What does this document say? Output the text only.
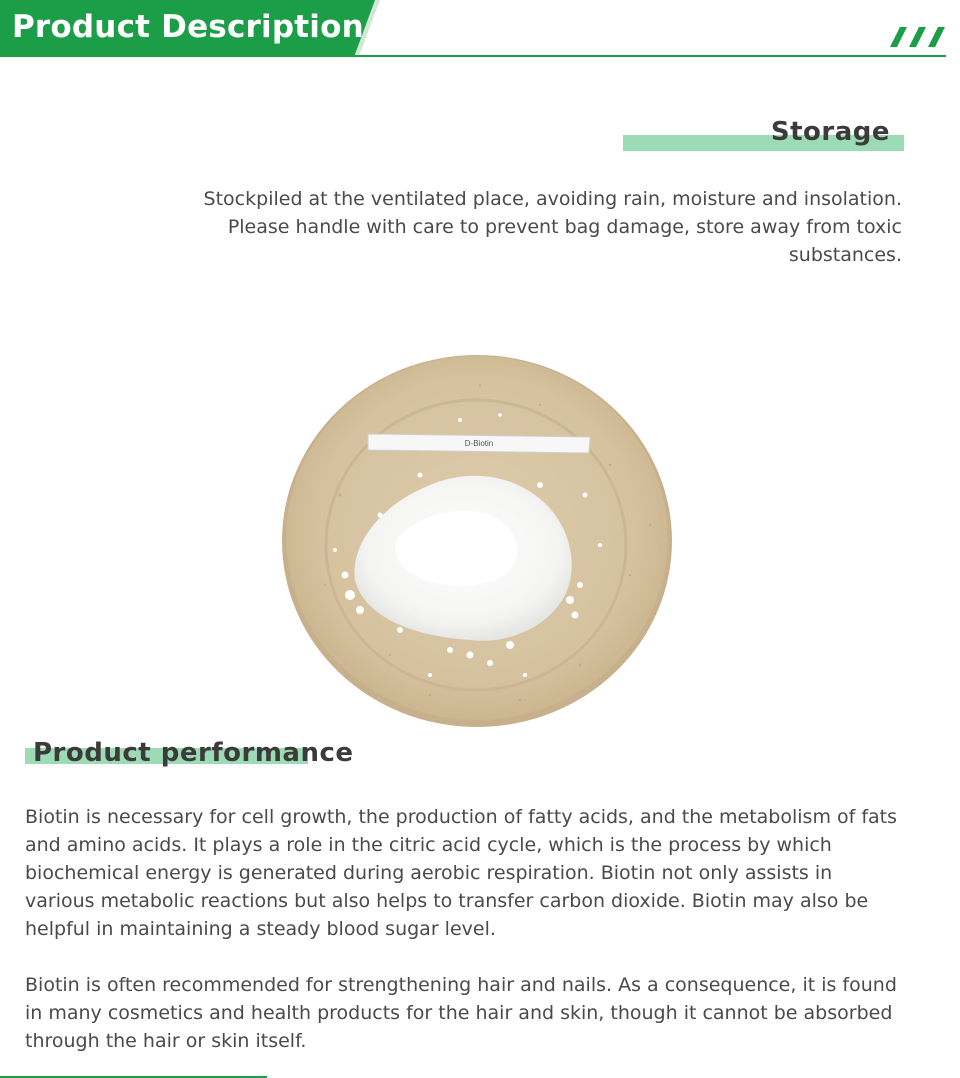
Product Description
Storage
Stockpiled at the ventilated place, avoiding rain, moisture and insolation.
Please handle with care to prevent bag damage, store away from toxic
substances.
D-Biotin
Product performance
Biotin is necessary for cell growth, the production of fatty acids, and the metabolism of fats
and amino acids. It plays a role in the citric acid cycle, which is the process by which
biochemical energy is generated during aerobic respiration. Biotin not only assists in
various metabolic reactions but also helps to transfer carbon dioxide. Biotin may also be
helpful in maintaining a steady blood sugar level.
Biotin is often recommended for strengthening hair and nails. As a consequence, it is found
in many cosmetics and health products for the hair and skin, though it cannot be absorbed
through the hair or skin itself.
